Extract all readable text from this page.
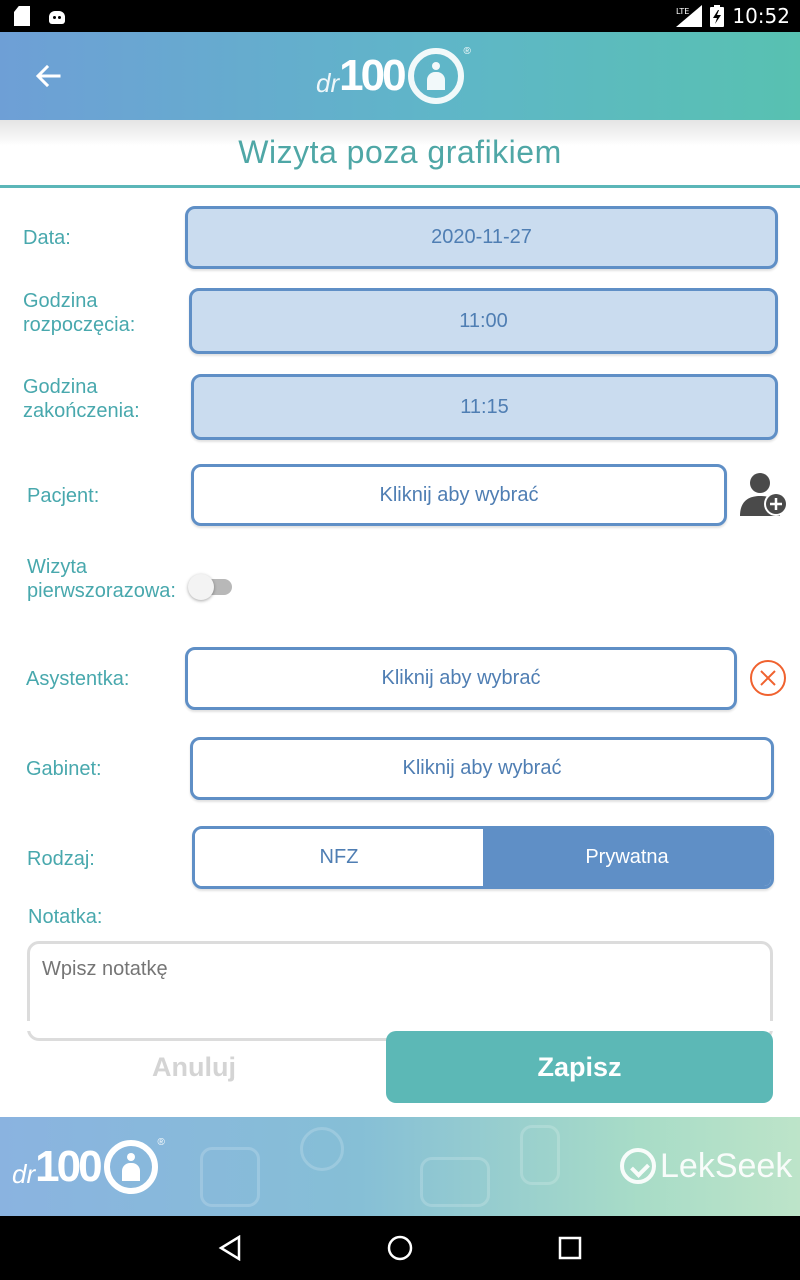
LTE 10:52
dr 100	®
Wizyta poza grafikiem
Data:	2020-11-27
Godzina
rozpoczęcia:	11:00
Godzina
zakończenia:	11:15
Pacjent:	Kliknij aby wybrać
Wizyta
pierwszorazowa:
Asystentka:	Kliknij aby wybrać
Gabinet:	Kliknij aby wybrać
Rodzaj:	NFZ	Prywatna
Notatka:
Wpisz notatkę
Anuluj	Zapisz
dr 100	®
LekSeek
